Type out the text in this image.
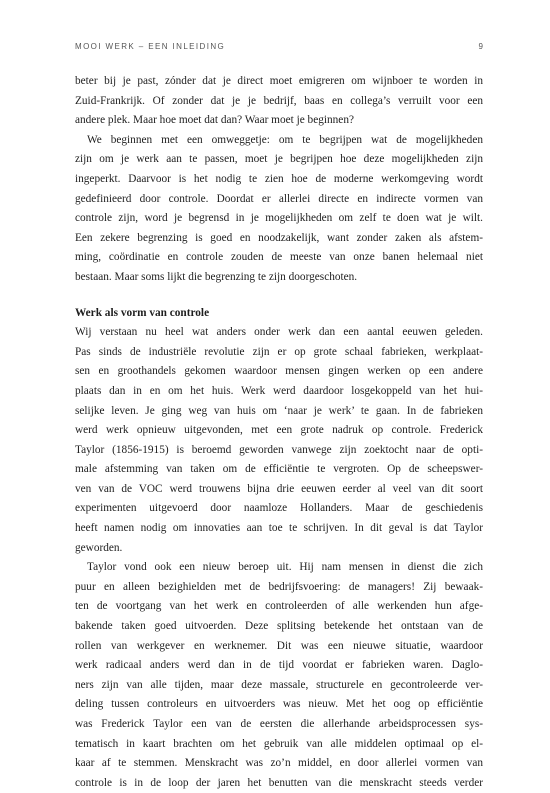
MOOI WERK – EEN INLEIDING	9
beter bij je past, zónder dat je direct moet emigreren om wijnboer te worden in
Zuid-Frankrijk. Of zonder dat je je bedrijf, baas en collega’s verruilt voor een
andere plek. Maar hoe moet dat dan? Waar moet je beginnen?
We beginnen met een omweggetje: om te begrijpen wat de mogelijkheden
zijn om je werk aan te passen, moet je begrijpen hoe deze mogelijkheden zijn
ingeperkt. Daarvoor is het nodig te zien hoe de moderne werkomgeving wordt
gedefinieerd door controle. Doordat er allerlei directe en indirecte vormen van
controle zijn, word je begrensd in je mogelijkheden om zelf te doen wat je wilt.
Een zekere begrenzing is goed en noodzakelijk, want zonder zaken als afstem-
ming, coördinatie en controle zouden de meeste van onze banen helemaal niet
bestaan. Maar soms lijkt die begrenzing te zijn doorgeschoten.
Werk als vorm van controle
Wij verstaan nu heel wat anders onder werk dan een aantal eeuwen geleden.
Pas sinds de industriële revolutie zijn er op grote schaal fabrieken, werkplaat-
sen en groothandels gekomen waardoor mensen gingen werken op een andere
plaats dan in en om het huis. Werk werd daardoor losgekoppeld van het hui-
selijke leven. Je ging weg van huis om ‘naar je werk’ te gaan. In de fabrieken
werd werk opnieuw uitgevonden, met een grote nadruk op controle. Frederick
Taylor (1856-1915) is beroemd geworden vanwege zijn zoektocht naar de opti-
male afstemming van taken om de efficiëntie te vergroten. Op de scheepswer-
ven van de VOC werd trouwens bijna drie eeuwen eerder al veel van dit soort
experimenten uitgevoerd door naamloze Hollanders. Maar de geschiedenis
heeft namen nodig om innovaties aan toe te schrijven. In dit geval is dat Taylor
geworden.
Taylor vond ook een nieuw beroep uit. Hij nam mensen in dienst die zich
puur en alleen bezighielden met de bedrijfsvoering: de managers! Zij bewaak-
ten de voortgang van het werk en controleerden of alle werkenden hun afge-
bakende taken goed uitvoerden. Deze splitsing betekende het ontstaan van de
rollen van werkgever en werknemer. Dit was een nieuwe situatie, waardoor
werk radicaal anders werd dan in de tijd voordat er fabrieken waren. Daglo-
ners zijn van alle tijden, maar deze massale, structurele en gecontroleerde ver-
deling tussen controleurs en uitvoerders was nieuw. Met het oog op efficiëntie
was Frederick Taylor een van de eersten die allerhande arbeidsprocessen sys-
tematisch in kaart brachten om het gebruik van alle middelen optimaal op el-
kaar af te stemmen. Menskracht was zo’n middel, en door allerlei vormen van
controle is in de loop der jaren het benutten van die menskracht steeds verder
